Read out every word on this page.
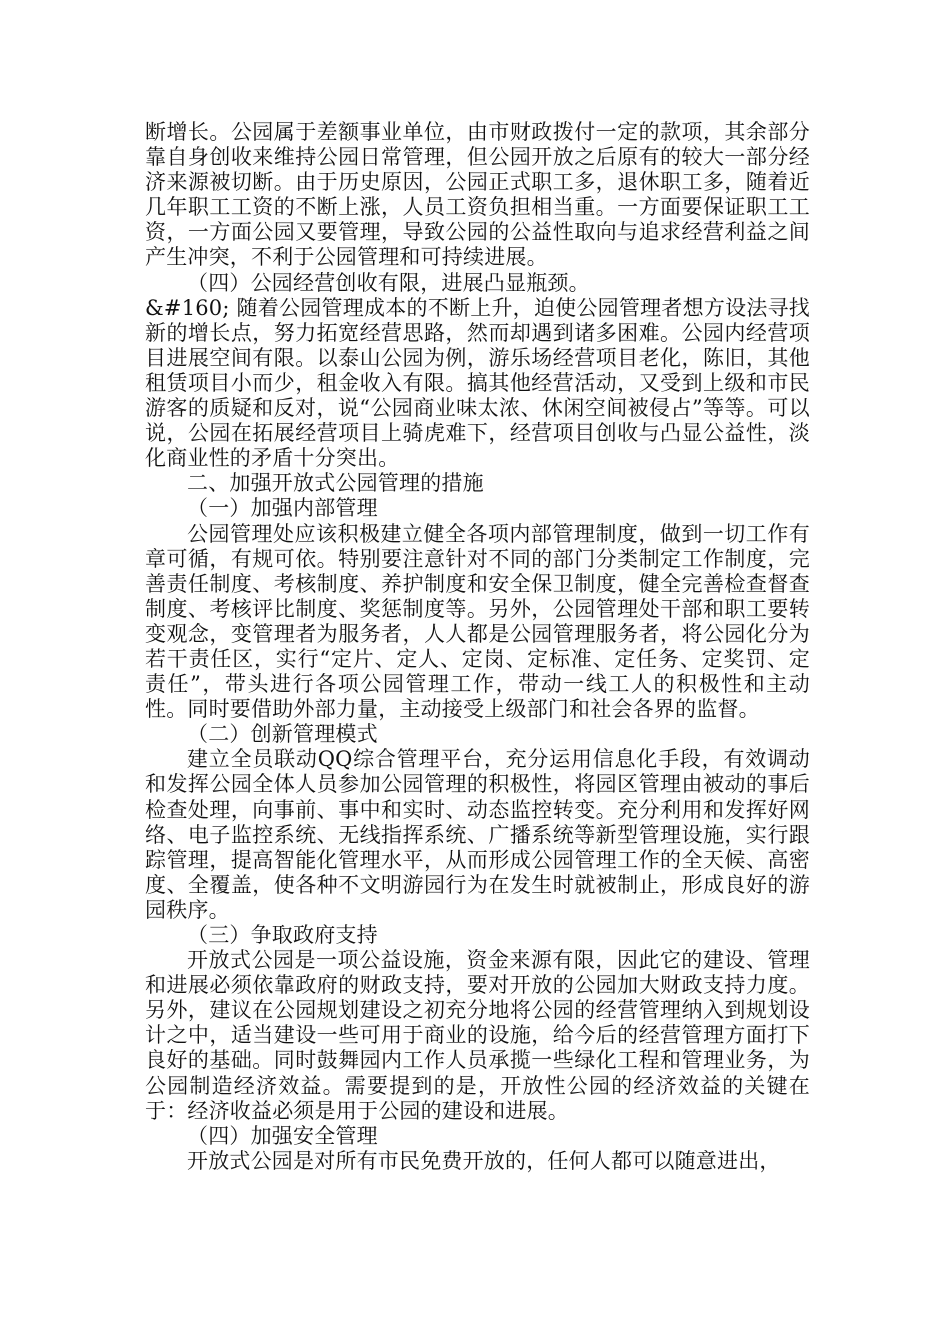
断增长。公园属于差额事业单位，由市财政拨付一定的款项，其余部分靠自身创收来维持公园日常管理，但公园开放之后原有的较大一部分经济来源被切断。由于历史原因，公园正式职工多，退休职工多，随着近几年职工工资的不断上涨，人员工资负担相当重。一方面要保证职工工资，一方面公园又要管理，导致公园的公益性取向与追求经营利益之间产生冲突，不利于公园管理和可持续进展。

（四）公园经营创收有限，进展凸显瓶颈。

&#160; 随着公园管理成本的不断上升，迫使公园管理者想方设法寻找新的增长点，努力拓宽经营思路，然而却遇到诸多困难。公园内经营项目进展空间有限。以泰山公园为例，游乐场经营项目老化，陈旧，其他租赁项目小而少，租金收入有限。搞其他经营活动，又受到上级和市民游客的质疑和反对，说“公园商业味太浓、休闲空间被侵占”等等。可以说，公园在拓展经营项目上骑虎难下，经营项目创收与凸显公益性，淡化商业性的矛盾十分突出。

二、加强开放式公园管理的措施

（一）加强内部管理

公园管理处应该积极建立健全各项内部管理制度，做到一切工作有章可循，有规可依。特别要注意针对不同的部门分类制定工作制度，完善责任制度、考核制度、养护制度和安全保卫制度，健全完善检查督查制度、考核评比制度、奖惩制度等。另外，公园管理处干部和职工要转变观念，变管理者为服务者，人人都是公园管理服务者，将公园化分为若干责任区，实行“定片、定人、定岗、定标准、定任务、定奖罚、定责任”，带头进行各项公园管理工作，带动一线工人的积极性和主动性。同时要借助外部力量，主动接受上级部门和社会各界的监督。

（二）创新管理模式

建立全员联动QQ综合管理平台，充分运用信息化手段，有效调动和发挥公园全体人员参加公园管理的积极性，将园区管理由被动的事后检查处理，向事前、事中和实时、动态监控转变。充分利用和发挥好网络、电子监控系统、无线指挥系统、广播系统等新型管理设施，实行跟踪管理，提高智能化管理水平，从而形成公园管理工作的全天候、高密度、全覆盖，使各种不文明游园行为在发生时就被制止，形成良好的游园秩序。

（三）争取政府支持

开放式公园是一项公益设施，资金来源有限，因此它的建设、管理和进展必须依靠政府的财政支持，要对开放的公园加大财政支持力度。另外，建议在公园规划建设之初充分地将公园的经营管理纳入到规划设计之中，适当建设一些可用于商业的设施，给今后的经营管理方面打下良好的基础。同时鼓舞园内工作人员承揽一些绿化工程和管理业务，为公园制造经济效益。需要提到的是，开放性公园的经济效益的关键在于：经济收益必须是用于公园的建设和进展。

（四）加强安全管理

开放式公园是对所有市民免费开放的，任何人都可以随意进出，
